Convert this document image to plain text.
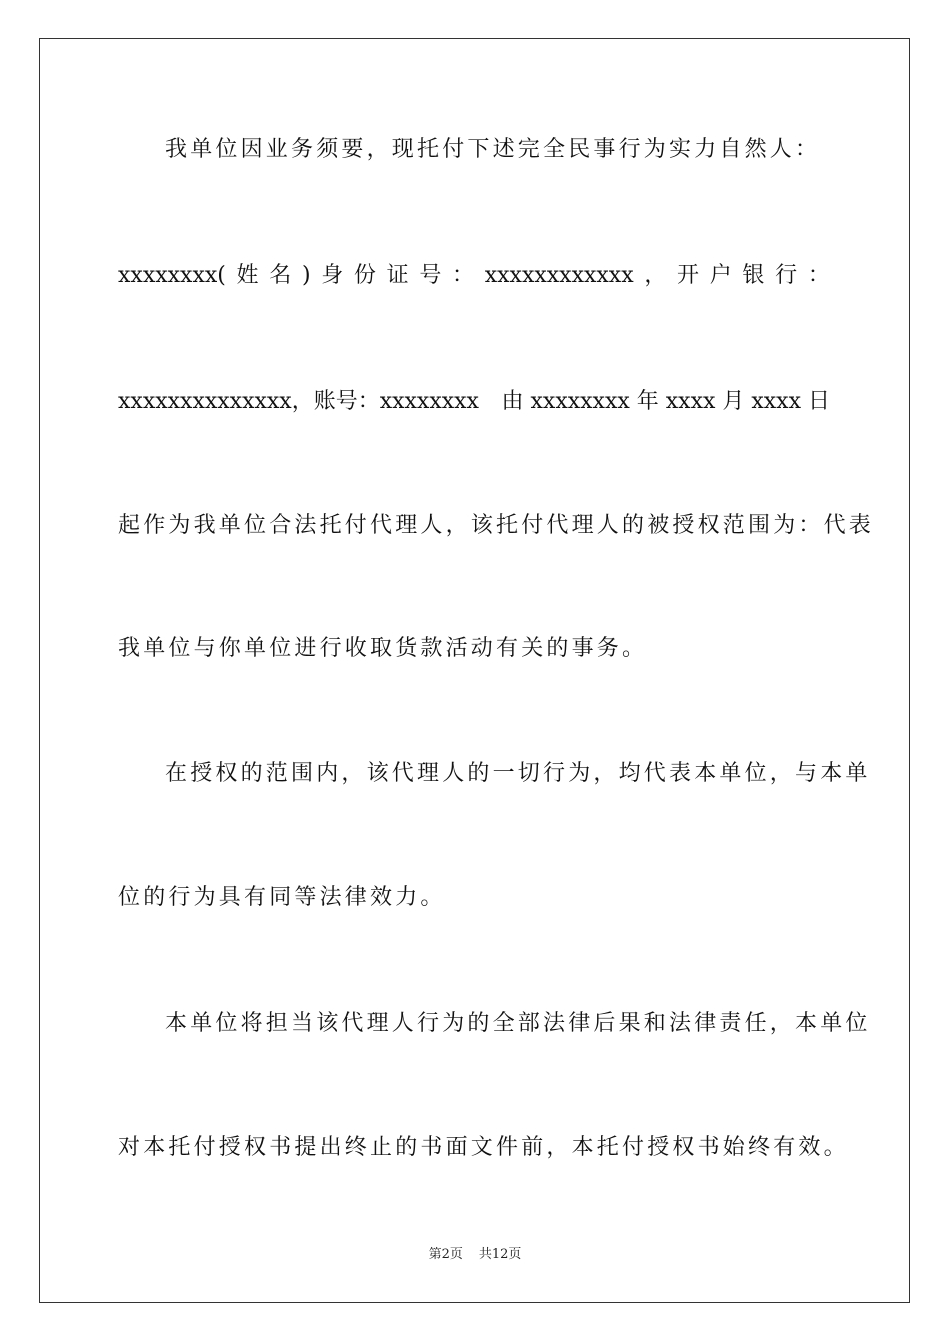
我单位因业务须要，现托付下述完全民事行为实力自然人：
xxxxxxxx( 姓 名 ) 身 份 证 号 ： xxxxxxxxxxxx ， 开 户 银 行 ：
xxxxxxxxxxxxxx，账号：xxxxxxxx 由 xxxxxxxx 年 xxxx 月 xxxx 日
起作为我单位合法托付代理人，该托付代理人的被授权范围为：代表
我单位与你单位进行收取货款活动有关的事务。
在授权的范围内，该代理人的一切行为，均代表本单位，与本单
位的行为具有同等法律效力。
本单位将担当该代理人行为的全部法律后果和法律责任，本单位
对本托付授权书提出终止的书面文件前，本托付授权书始终有效。
第2页 共12页
